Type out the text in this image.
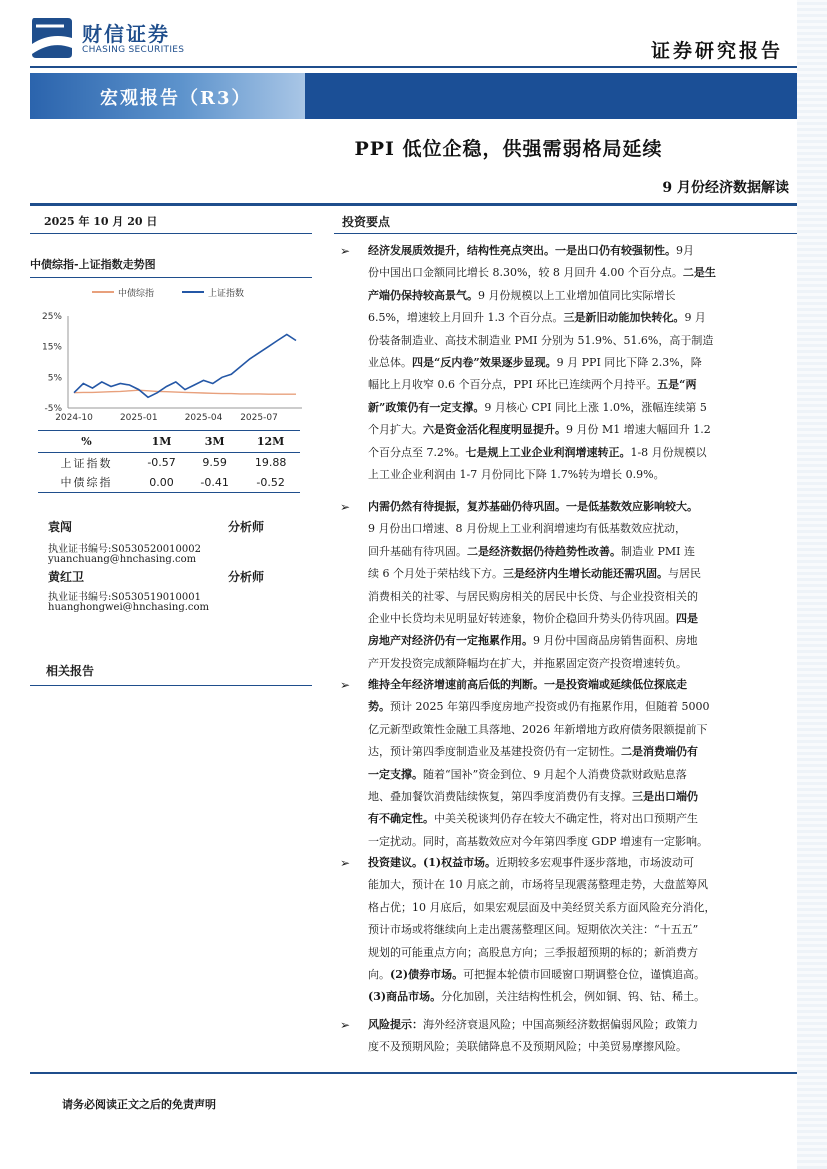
财信证券
CHASING SECURITIES	证券研究报告
宏观报告（R3）
PPI 低位企稳，供强需弱格局延续
9 月份经济数据解读
2025 年 10 月 20 日
中债综指-上证指数走势图
25%
15%
5%
-5%
2024-10	2025-01	2025-04 2025-07
中债综指	上证指数
%	1M	3M	12M
上证指数	-0.57	9.59	19.88
中债综指	0.00	-0.41	-0.52
袁闯	分析师
执业证书编号:S0530520010002
yuanchuang@hnchasing.com
黄红卫	分析师
执业证书编号:S0530519010001
huanghongwei@hnchasing.com
相关报告
投资要点
➢ 经济发展质效提升，结构性亮点突出。一是出口仍有较强韧性。9月
份中国出口金额同比增长 8.30%，较 8 月回升 4.00 个百分点。二是生
产端仍保持较高景气。9 月份规模以上工业增加值同比实际增长
6.5%，增速较上月回升 1.3 个百分点。三是新旧动能加快转化。9 月
份装备制造业、高技术制造业 PMI 分别为 51.9%、51.6%，高于制造
业总体。四是“反内卷”效果逐步显现。9 月 PPI 同比下降 2.3%，降
幅比上月收窄 0.6 个百分点，PPI 环比已连续两个月持平。五是“两
新”政策仍有一定支撑。9 月核心 CPI 同比上涨 1.0%，涨幅连续第 5
个月扩大。六是资金活化程度明显提升。9 月份 M1 增速大幅回升 1.2
个百分点至 7.2%。七是规上工业企业利润增速转正。1-8 月份规模以
上工业企业利润由 1-7 月份同比下降 1.7%转为增长 0.9%。
➢ 内需仍然有待提振，复苏基础仍待巩固。一是低基数效应影响较大。
9 月份出口增速、8 月份规上工业利润增速均有低基数效应扰动，
回升基础有待巩固。二是经济数据仍待趋势性改善。制造业 PMI 连
续 6 个月处于荣枯线下方。三是经济内生增长动能还需巩固。与居民
消费相关的社零、与居民购房相关的居民中长贷、与企业投资相关的
企业中长贷均未见明显好转迹象，物价企稳回升势头仍待巩固。四是
房地产对经济仍有一定拖累作用。9 月份中国商品房销售面积、房地
产开发投资完成额降幅均在扩大，并拖累固定资产投资增速转负。
➢ 维持全年经济增速前高后低的判断。一是投资端或延续低位探底走
势。预计 2025 年第四季度房地产投资或仍有拖累作用，但随着 5000
亿元新型政策性金融工具落地、2026 年新增地方政府债务限额提前下
达，预计第四季度制造业及基建投资仍有一定韧性。二是消费端仍有
一定支撑。随着“国补”资金到位、9 月起个人消费贷款财政贴息落
地、叠加餐饮消费陆续恢复，第四季度消费仍有支撑。三是出口端仍
有不确定性。中美关税谈判仍存在较大不确定性，将对出口预期产生
一定扰动。同时，高基数效应对今年第四季度 GDP 增速有一定影响。
➢ 投资建议。(1)权益市场。近期较多宏观事件逐步落地，市场波动可
能加大，预计在 10 月底之前，市场将呈现震荡整理走势，大盘蓝筹风
格占优；10 月底后，如果宏观层面及中美经贸关系方面风险充分消化，
预计市场或将继续向上走出震荡整理区间。短期依次关注：“十五五”
规划的可能重点方向；高股息方向；三季报超预期的标的；新消费方
向。(2)债券市场。可把握本轮债市回暖窗口期调整仓位，谨慎追高。
(3)商品市场。分化加剧，关注结构性机会，例如铜、钨、钴、稀土。
➢ 风险提示：海外经济衰退风险；中国高频经济数据偏弱风险；政策力
度不及预期风险；美联储降息不及预期风险；中美贸易摩擦风险。
请务必阅读正文之后的免责声明
